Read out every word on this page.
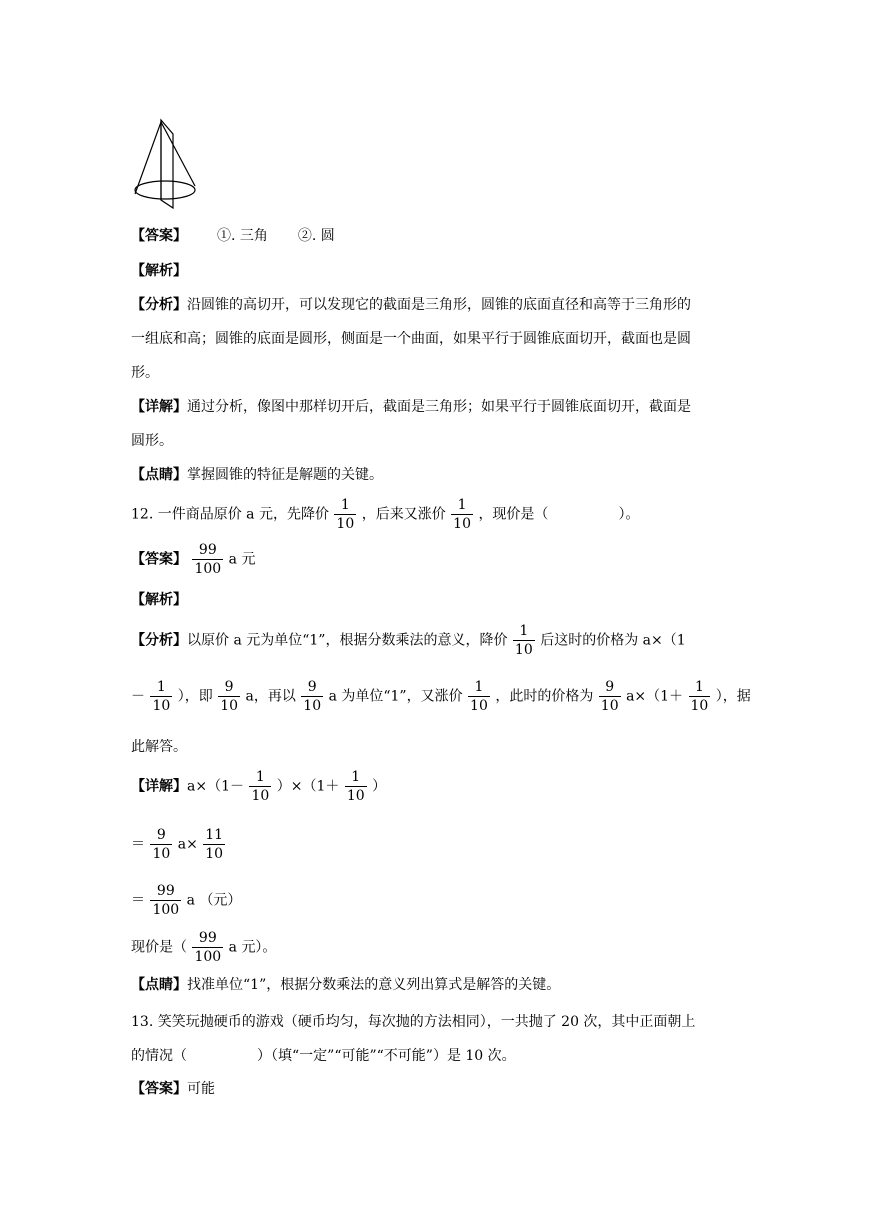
【答案】 ①. 三角 ②. 圆
【解析】
【分析】沿圆锥的高切开，可以发现它的截面是三角形，圆锥的底面直径和高等于三角形的
一组底和高；圆锥的底面是圆形，侧面是一个曲面，如果平行于圆锥底面切开，截面也是圆
形。
【详解】通过分析，像图中那样切开后，截面是三角形；如果平行于圆锥底面切开，截面是
圆形。
【点睛】掌握圆锥的特征是解题的关键。
12. 一件商品原价 a 元，先降价 $\frac{1}{10}$ ，后来又涨价 $\frac{1}{10}$ ，现价是（	）。
【答案】 $\frac{99}{100}$ a 元
【解析】
【分析】以原价 a 元为单位“1”，根据分数乘法的意义，降价 $\frac{1}{10}$ 后这时的价格为 a×（1
－ $\frac{1}{10}$ ），即 $\frac{9}{10}$ a，再以 $\frac{9}{10}$ a 为单位“1”，又涨价 $\frac{1}{10}$ ，此时的价格为 $\frac{9}{10} a\times(1+ \frac{1}{10}$ ），据
此解答。
【详解】$a\times(1- \frac{1}{10} )\times(1+ \frac{1}{10}$ ）
＝ $\frac{9}{10} a\times \frac{11}{10}$
＝ $\frac{99}{100}$ a （元）
现价是（ $\frac{99}{100}$ a 元）。
【点睛】找准单位“1”，根据分数乘法的意义列出算式是解答的关键。
13. 笑笑玩抛硬币的游戏（硬币均匀，每次抛的方法相同），一共抛了 20 次，其中正面朝上
的情况（	）（填“一定”“可能”“不可能”）是 10 次。
【答案】可能
